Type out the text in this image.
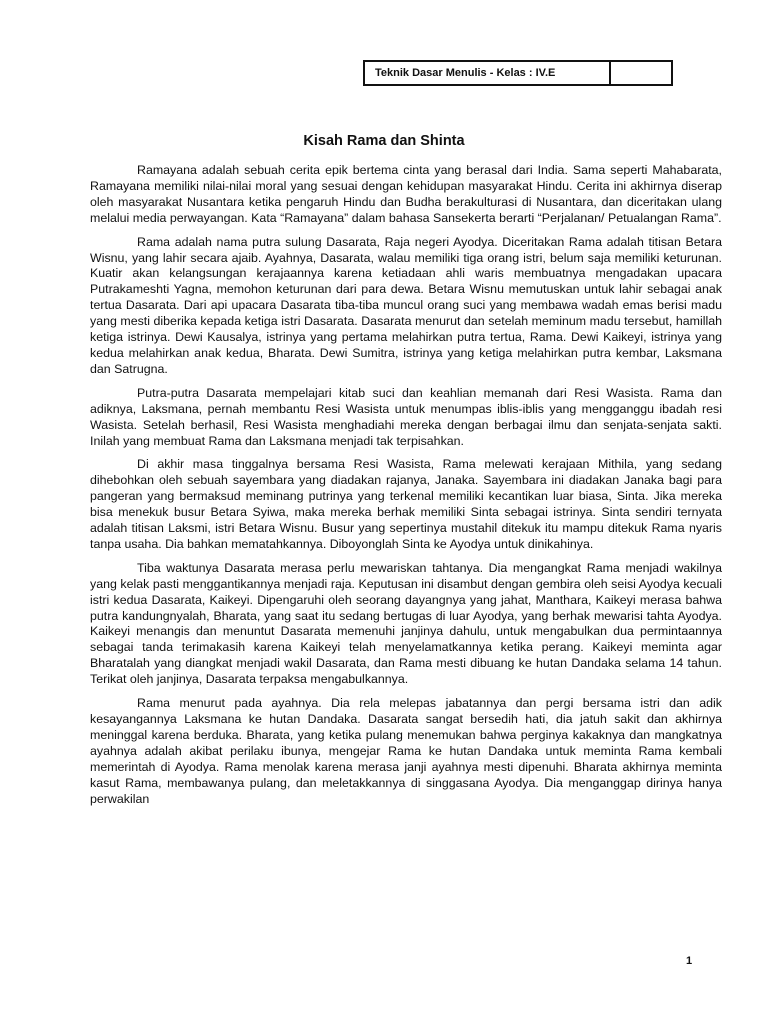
Teknik Dasar Menulis - Kelas : IV.E
Kisah Rama dan Shinta

Ramayana adalah sebuah cerita epik bertema cinta yang berasal dari India. Sama seperti Mahabarata, Ramayana memiliki nilai-nilai moral yang sesuai dengan kehidupan masyarakat Hindu. Cerita ini akhirnya diserap oleh masyarakat Nusantara ketika pengaruh Hindu dan Budha berakulturasi di Nusantara, dan diceritakan ulang melalui media perwayangan. Kata “Ramayana” dalam bahasa Sansekerta berarti “Perjalanan/ Petualangan Rama”.

Rama adalah nama putra sulung Dasarata, Raja negeri Ayodya. Diceritakan Rama adalah titisan Betara Wisnu, yang lahir secara ajaib. Ayahnya, Dasarata, walau memiliki tiga orang istri, belum saja memiliki keturunan. Kuatir akan kelangsungan kerajaannya karena ketiadaan ahli waris membuatnya mengadakan upacara Putrakameshti Yagna, memohon keturunan dari para dewa. Betara Wisnu memutuskan untuk lahir sebagai anak tertua Dasarata. Dari api upacara Dasarata tiba-tiba muncul orang suci yang membawa wadah emas berisi madu yang mesti diberika kepada ketiga istri Dasarata. Dasarata menurut dan setelah meminum madu tersebut, hamillah ketiga istrinya. Dewi Kausalya, istrinya yang pertama melahirkan putra tertua, Rama. Dewi Kaikeyi, istrinya yang kedua melahirkan anak kedua, Bharata. Dewi Sumitra, istrinya yang ketiga melahirkan putra kembar, Laksmana dan Satrugna.

Putra-putra Dasarata mempelajari kitab suci dan keahlian memanah dari Resi Wasista. Rama dan adiknya, Laksmana, pernah membantu Resi Wasista untuk menumpas iblis-iblis yang mengganggu ibadah resi Wasista. Setelah berhasil, Resi Wasista menghadiahi mereka dengan berbagai ilmu dan senjata-senjata sakti. Inilah yang membuat Rama dan Laksmana menjadi tak terpisahkan.

Di akhir masa tinggalnya bersama Resi Wasista, Rama melewati kerajaan Mithila, yang sedang dihebohkan oleh sebuah sayembara yang diadakan rajanya, Janaka. Sayembara ini diadakan Janaka bagi para pangeran yang bermaksud meminang putrinya yang terkenal memiliki kecantikan luar biasa, Sinta. Jika mereka bisa menekuk busur Betara Syiwa, maka mereka berhak memiliki Sinta sebagai istrinya. Sinta sendiri ternyata adalah titisan Laksmi, istri Betara Wisnu. Busur yang sepertinya mustahil ditekuk itu mampu ditekuk Rama nyaris tanpa usaha. Dia bahkan mematahkannya. Diboyonglah Sinta ke Ayodya untuk dinikahinya.

Tiba waktunya Dasarata merasa perlu mewariskan tahtanya. Dia mengangkat Rama menjadi wakilnya yang kelak pasti menggantikannya menjadi raja. Keputusan ini disambut dengan gembira oleh seisi Ayodya kecuali istri kedua Dasarata, Kaikeyi. Dipengaruhi oleh seorang dayangnya yang jahat, Manthara, Kaikeyi merasa bahwa putra kandungnyalah, Bharata, yang saat itu sedang bertugas di luar Ayodya, yang berhak mewarisi tahta Ayodya. Kaikeyi menangis dan menuntut Dasarata memenuhi janjinya dahulu, untuk mengabulkan dua permintaannya sebagai tanda terimakasih karena Kaikeyi telah menyelamatkannya ketika perang. Kaikeyi meminta agar Bharatalah yang diangkat menjadi wakil Dasarata, dan Rama mesti dibuang ke hutan Dandaka selama 14 tahun. Terikat oleh janjinya, Dasarata terpaksa mengabulkannya.

Rama menurut pada ayahnya. Dia rela melepas jabatannya dan pergi bersama istri dan adik kesayangannya Laksmana ke hutan Dandaka. Dasarata sangat bersedih hati, dia jatuh sakit dan akhirnya meninggal karena berduka. Bharata, yang ketika pulang menemukan bahwa perginya kakaknya dan mangkatnya ayahnya adalah akibat perilaku ibunya, mengejar Rama ke hutan Dandaka untuk meminta Rama kembali memerintah di Ayodya. Rama menolak karena merasa janji ayahnya mesti dipenuhi. Bharata akhirnya meminta kasut Rama, membawanya pulang, dan meletakkannya di singgasana Ayodya. Dia menganggap dirinya hanya perwakilan

1
